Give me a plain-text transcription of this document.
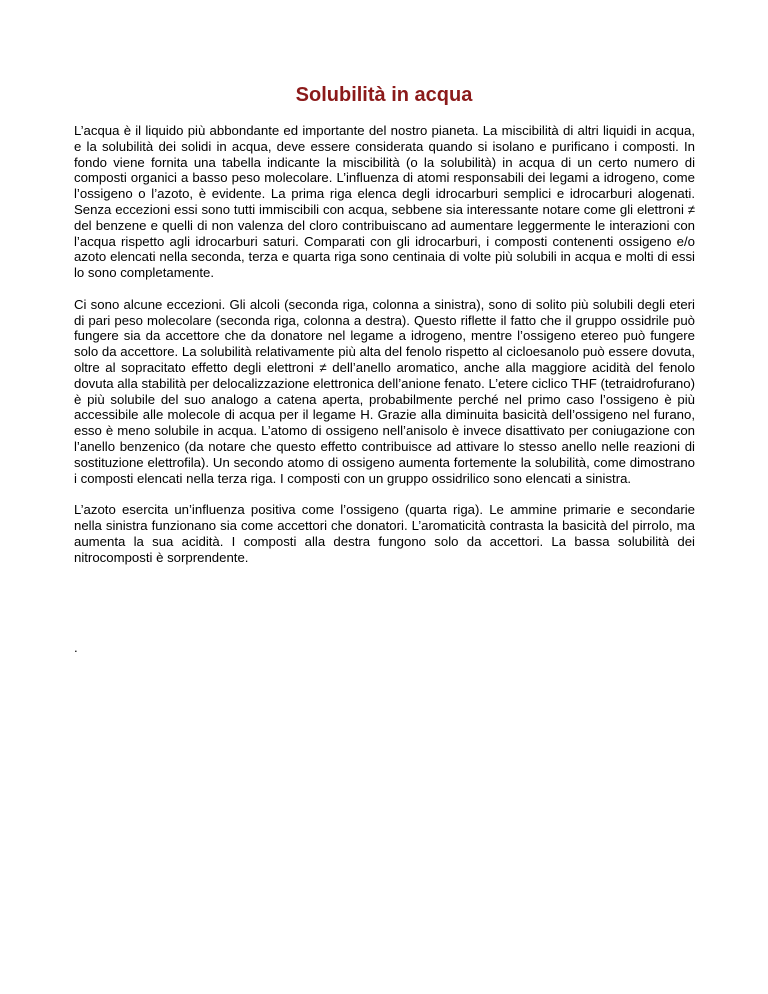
Solubilità in acqua

L’acqua è il liquido più abbondante ed importante del nostro pianeta. La miscibilità di altri liquidi in acqua, e la solubilità dei solidi in acqua, deve essere considerata quando si isolano e purificano i composti. In fondo viene fornita una tabella indicante la miscibilità (o la solubilità) in acqua di un certo numero di composti organici a basso peso molecolare. L’influenza di atomi responsabili dei legami a idrogeno, come l’ossigeno o l’azoto, è evidente. La prima riga elenca degli idrocarburi semplici e idrocarburi alogenati. Senza eccezioni essi sono tutti immiscibili con acqua, sebbene sia interessante notare come gli elettroni ≠ del benzene e quelli di non valenza del cloro contribuiscano ad aumentare leggermente le interazioni con l’acqua rispetto agli idrocarburi saturi. Comparati con gli idrocarburi, i composti contenenti ossigeno e/o azoto elencati nella seconda, terza e quarta riga sono centinaia di volte più solubili in acqua e molti di essi lo sono completamente.

Ci sono alcune eccezioni. Gli alcoli (seconda riga, colonna a sinistra), sono di solito più solubili degli eteri di pari peso molecolare (seconda riga, colonna a destra). Questo riflette il fatto che il gruppo ossidrile può fungere sia da accettore che da donatore nel legame a idrogeno, mentre l’ossigeno etereo può fungere solo da accettore. La solubilità relativamente più alta del fenolo rispetto al cicloesanolo può essere dovuta, oltre al sopracitato effetto degli elettroni ≠ dell’anello aromatico, anche alla maggiore acidità del fenolo dovuta alla stabilità per delocalizzazione elettronica dell’anione fenato. L’etere ciclico THF (tetraidrofurano) è più solubile del suo analogo a catena aperta, probabilmente perché nel primo caso l’ossigeno è più accessibile alle molecole di acqua per il legame H. Grazie alla diminuita basicità dell’ossigeno nel furano, esso è meno solubile in acqua. L’atomo di ossigeno nell’anisolo è invece disattivato per coniugazione con l’anello benzenico (da notare che questo effetto contribuisce ad attivare lo stesso anello nelle reazioni di sostituzione elettrofila). Un secondo atomo di ossigeno aumenta fortemente la solubilità, come dimostrano i composti elencati nella terza riga. I composti con un gruppo ossidrilico sono elencati a sinistra.

L’azoto esercita un’influenza positiva come l’ossigeno (quarta riga). Le ammine primarie e secondarie nella sinistra funzionano sia come accettori che donatori. L’aromaticità contrasta la basicità del pirrolo, ma aumenta la sua acidità. I composti alla destra fungono solo da accettori. La bassa solubilità dei nitrocomposti è sorprendente.

.
